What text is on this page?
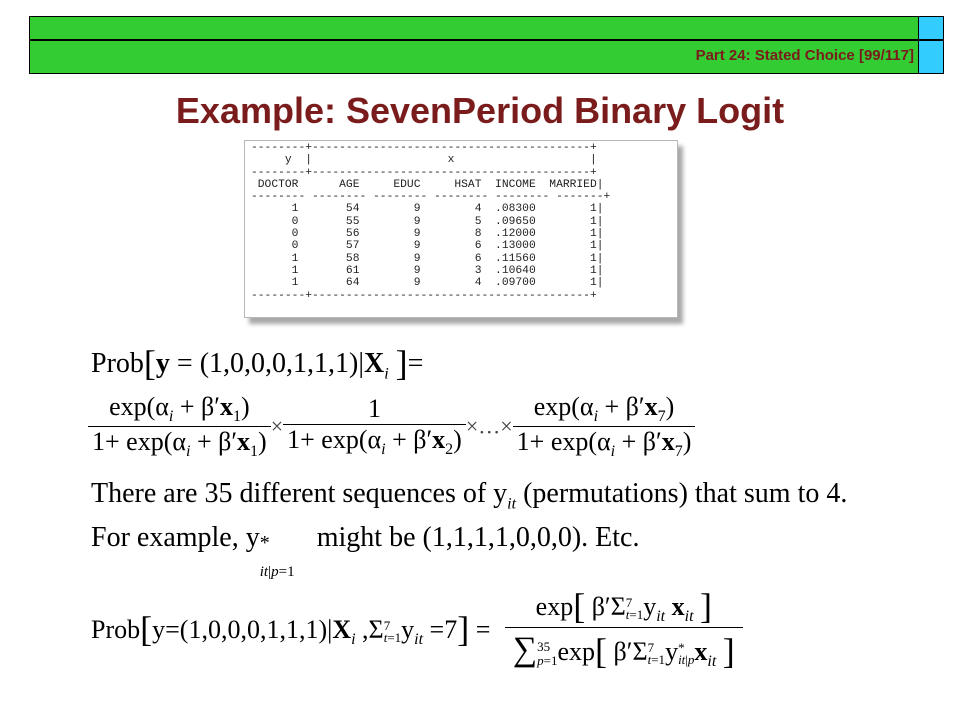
Part 24: Stated Choice [99/117]
Example: SevenPeriod Binary Logit
--------+-----------------------------------------+
y  |                    x                    |
--------+-----------------------------------------+
DOCTOR      AGE     EDUC     HSAT  INCOME  MARRIED|
-------- -------- -------- -------- -------- -------+
1       54        9        4  .08300        1|
0       55        9        5  .09650        1|
0       56        9        8  .12000        1|
0       57        9        6  .13000        1|
1       58        9        6  .11560        1|
1       61        9        3  .10640        1|
1       64        9        4  .09700        1|
--------+-----------------------------------------+
Prob[y = $(1,0,0,0,1,1,1)|X_i$ ]=
$\frac{\exp(\alpha_i + \beta'x_1)}{1+ \exp(\alpha_i + \beta'x_1)} \times \frac{1}{1+ \exp(\alpha_i + \beta'x_2)}$ ×…× $\frac{\exp(\alpha_i + \beta'x_7)}{1+ \exp(\alpha_i + \beta'x_7)}$
There are 35 different sequences of $y_{it}$ (permutations) that sum to 4.
For example, y *
it|p=1
might be (1,1,1,1,0,0,0). Etc.
$Prob[y=(1,0,0,0,1,1,1)|X_i$ ,Σ7
$t=1y_{it} =7$] =
exp[ β′Σ7
$t=1y_{it}$ $x_{it}$ ]
∑35
p=1exp[ β′Σ7
t=1y*
$it|px_{it}$ ]
